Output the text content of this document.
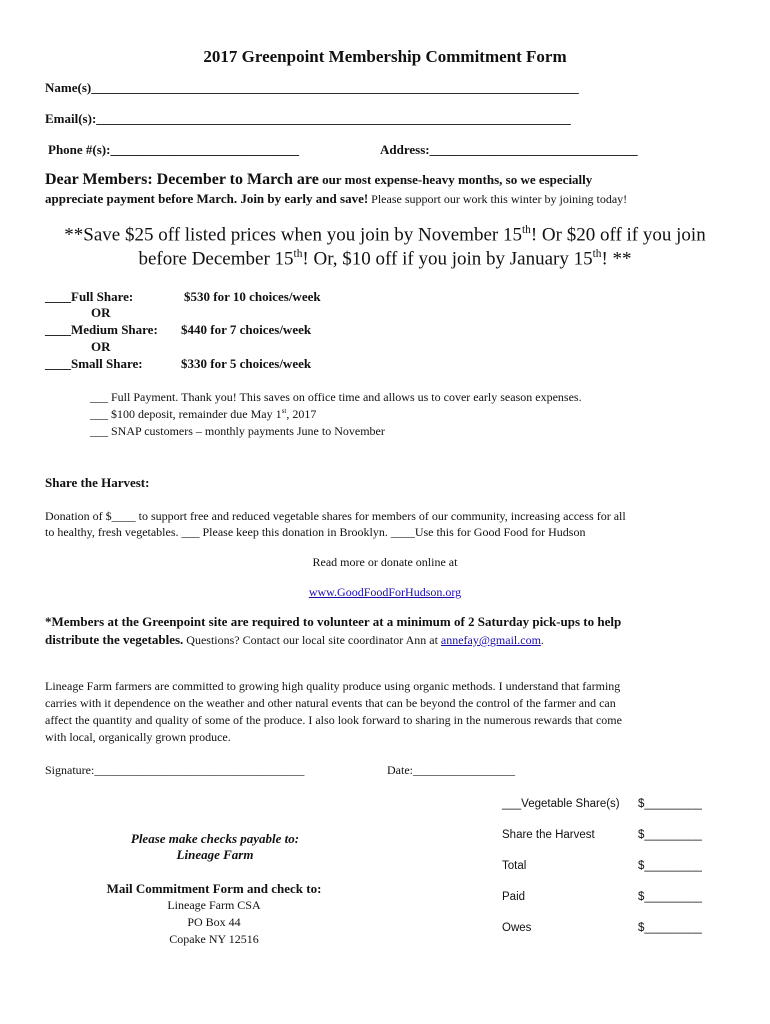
2017 Greenpoint Membership Commitment Form
Name(s)___________________________________________________________________________
Email(s):_________________________________________________________________________
Phone #(s):_____________________________	Address:________________________________
Dear Members: December to March are our most expense-heavy months, so we especially
appreciate payment before March. Join by early and save! Please support our work this winter by joining today!
**Save $25 off listed prices when you join by November 15th! Or $20 off if you join
before December 15th! Or, $10 off if you join by January 15th! **
____Full Share:	$530 for 10 choices/week
OR
____Medium Share: $440 for 7 choices/week
OR
____Small Share:	$330 for 5 choices/week
___ Full Payment. Thank you! This saves on office time and allows us to cover early season expenses.
___ $100 deposit, remainder due May 1st, 2017
___ SNAP customers – monthly payments June to November
Share the Harvest:
Donation of $____ to support free and reduced vegetable shares for members of our community, increasing access for all
to healthy, fresh vegetables. ___ Please keep this donation in Brooklyn. ____Use this for Good Food for Hudson
Read more or donate online at
www.GoodFoodForHudson.org
*Members at the Greenpoint site are required to volunteer at a minimum of 2 Saturday pick-ups to help
distribute the vegetables. Questions? Contact our local site coordinator Ann at annefay@gmail.com.
Lineage Farm farmers are committed to growing high quality produce using organic methods. I understand that farming
carries with it dependence on the weather and other natural events that can be beyond the control of the farmer and can
affect the quantity and quality of some of the produce. I also look forward to sharing in the numerous rewards that come
with local, organically grown produce.
Signature:___________________________________	Date:_________________
Please make checks payable to:
Lineage Farm
Mail Commitment Form and check to:
Lineage Farm CSA
PO Box 44
Copake NY 12516
___Vegetable Share(s) $_________
Share the Harvest	$_________
Total	$_________
Paid	$_________
Owes	$_________
